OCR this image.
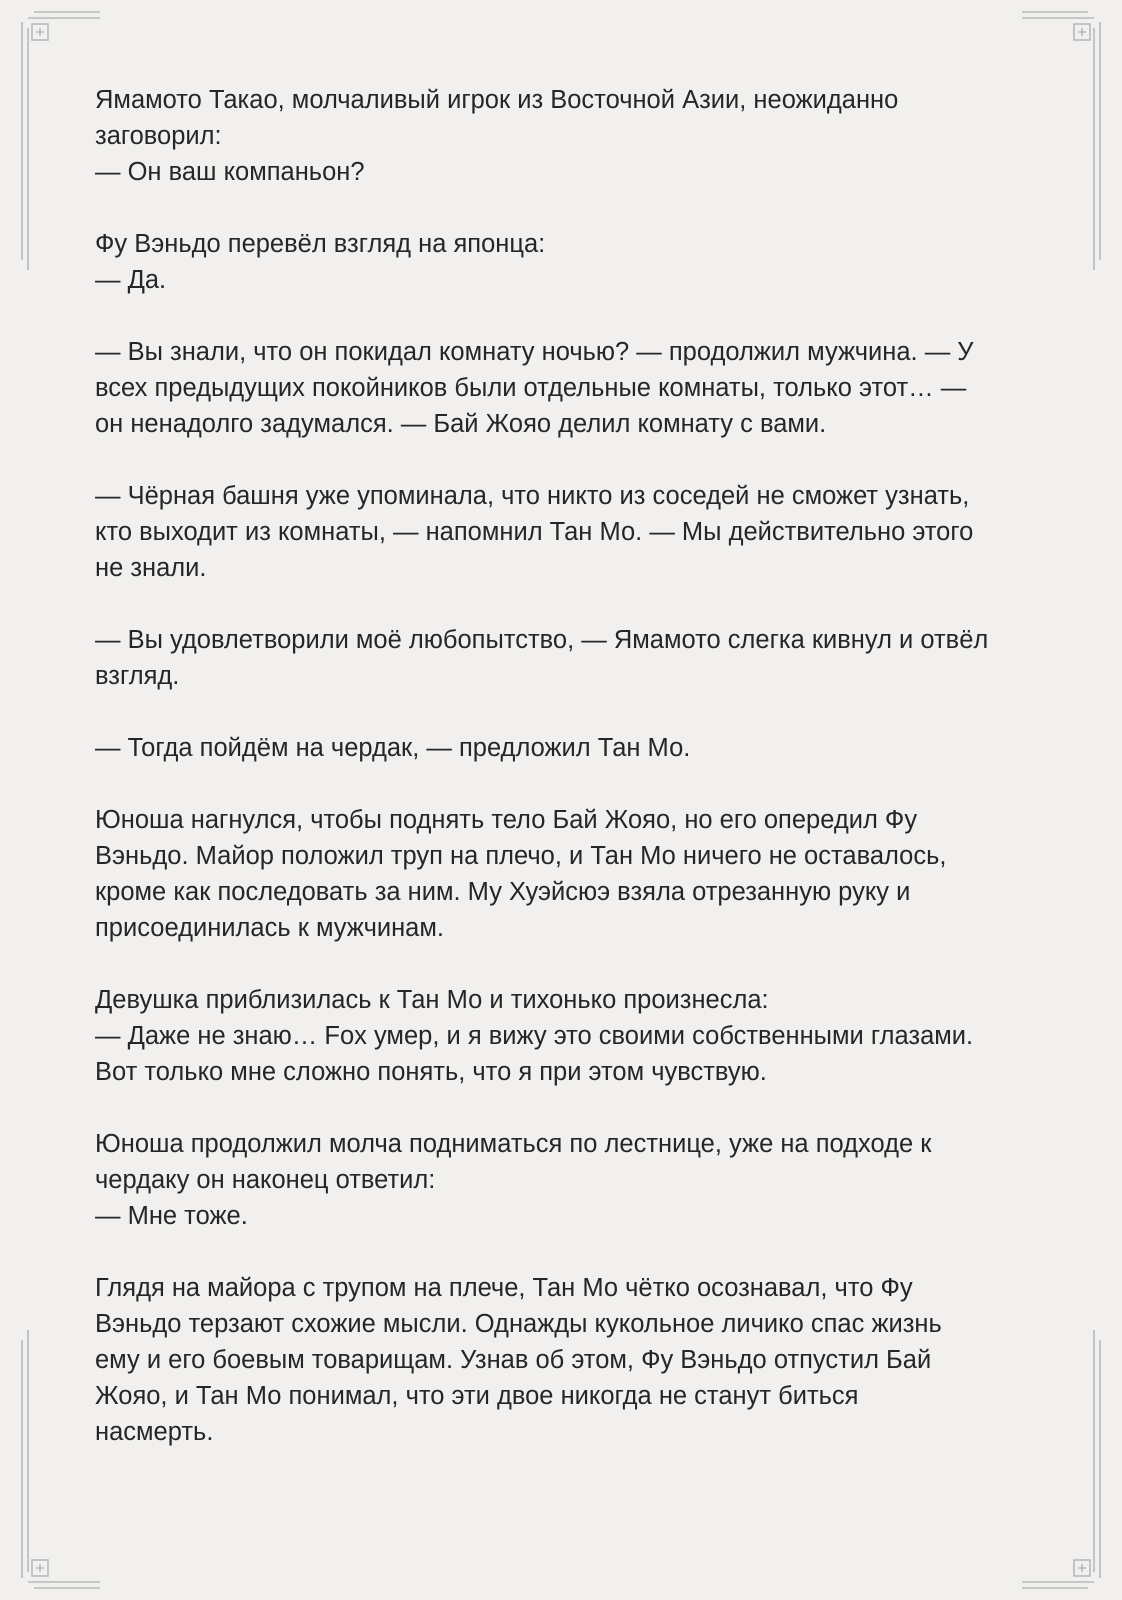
Ямамото Такао, молчаливый игрок из Восточной Азии, неожиданно
заговорил:
— Он ваш компаньон?

Фу Вэньдо перевёл взгляд на японца:
— Да.

— Вы знали, что он покидал комнату ночью? — продолжил мужчина. — У
всех предыдущих покойников были отдельные комнаты, только этот… —
он ненадолго задумался. — Бай Жояо делил комнату с вами.

— Чёрная башня уже упоминала, что никто из соседей не сможет узнать,
кто выходит из комнаты, — напомнил Тан Мо. — Мы действительно этого
не знали.

— Вы удовлетворили моё любопытство, — Ямамото слегка кивнул и отвёл
взгляд.

— Тогда пойдём на чердак, — предложил Тан Мо.

Юноша нагнулся, чтобы поднять тело Бай Жояо, но его опередил Фу
Вэньдо. Майор положил труп на плечо, и Тан Мо ничего не оставалось,
кроме как последовать за ним. Му Хуэйсюэ взяла отрезанную руку и
присоединилась к мужчинам.

Девушка приблизилась к Тан Мо и тихонько произнесла:
— Даже не знаю… Fox умер, и я вижу это своими собственными глазами.
Вот только мне сложно понять, что я при этом чувствую.

Юноша продолжил молча подниматься по лестнице, уже на подходе к
чердаку он наконец ответил:
— Мне тоже.

Глядя на майора с трупом на плече, Тан Мо чётко осознавал, что Фу
Вэньдо терзают схожие мысли. Однажды кукольное личико спас жизнь
ему и его боевым товарищам. Узнав об этом, Фу Вэньдо отпустил Бай
Жояо, и Тан Мо понимал, что эти двое никогда не станут биться
насмерть.
